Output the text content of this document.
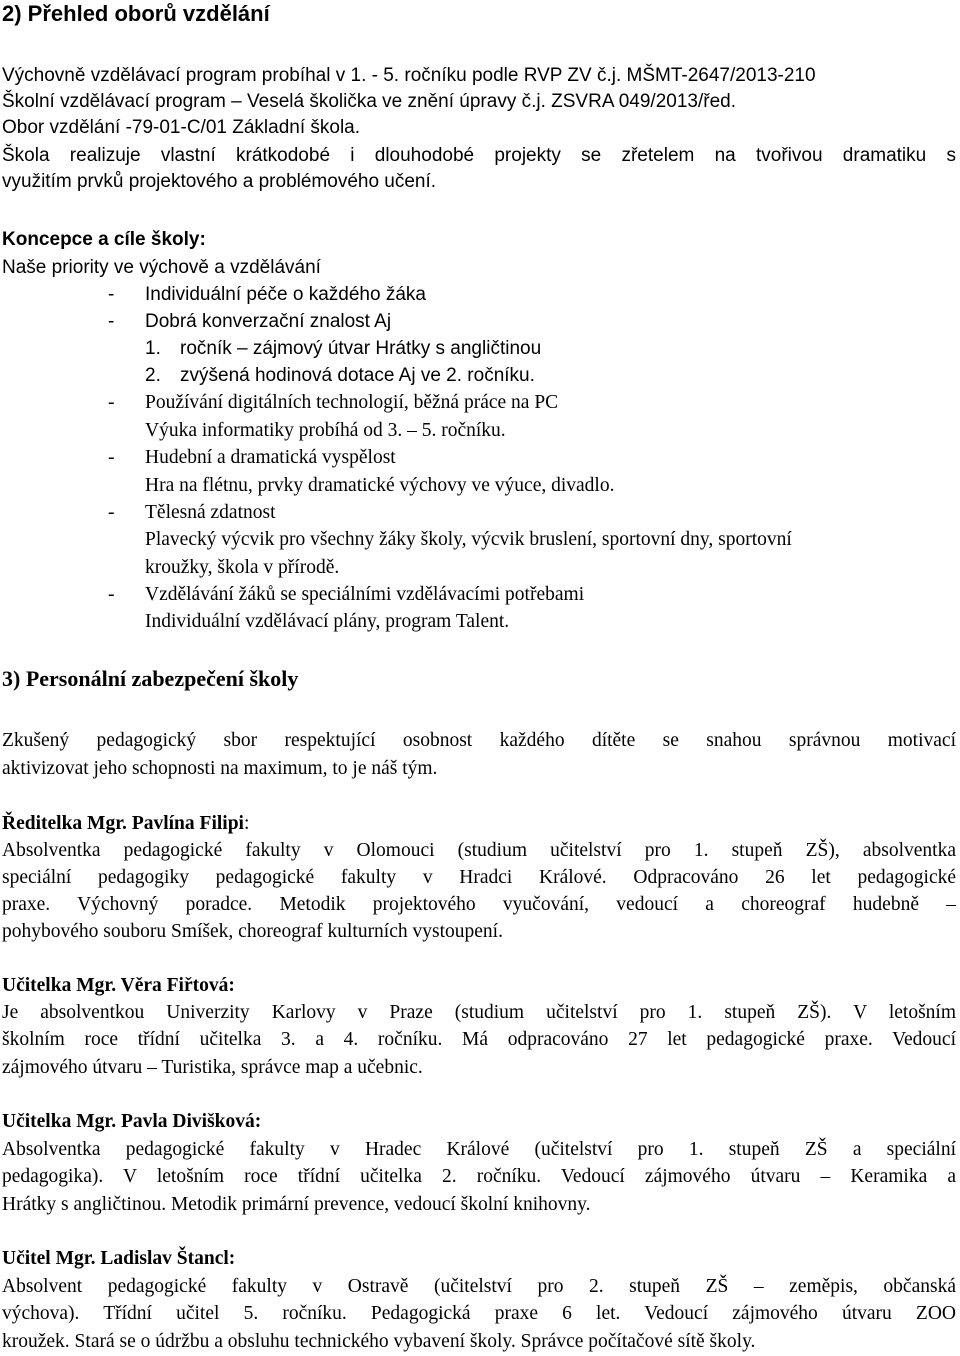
2) Přehled oborů vzdělání
Výchovně vzdělávací program probíhal v 1. - 5. ročníku podle RVP ZV č.j. MŠMT-2647/2013-210
Školní vzdělávací program – Veselá školička ve znění úpravy č.j. ZSVRA 049/2013/řed.
Obor vzdělání -79-01-C/01 Základní škola.
Škola realizuje vlastní krátkodobé i dlouhodobé projekty se zřetelem na tvořivou dramatiku s
využitím prvků projektového a problémového učení.
Koncepce a cíle školy:
Naše priority ve výchově a vzdělávání
- Individuální péče o každého žáka
- Dobrá konverzační znalost Aj
1. ročník – zájmový útvar Hrátky s angličtinou
2. zvýšená hodinová dotace Aj ve 2. ročníku.
- Používání digitálních technologií, běžná práce na PC
Výuka informatiky probíhá od 3. – 5. ročníku.
- Hudební a dramatická vyspělost
Hra na flétnu, prvky dramatické výchovy ve výuce, divadlo.
- Tělesná zdatnost
Plavecký výcvik pro všechny žáky školy, výcvik bruslení, sportovní dny, sportovní
kroužky, škola v přírodě.
- Vzdělávání žáků se speciálními vzdělávacími potřebami
Individuální vzdělávací plány, program Talent.
3) Personální zabezpečení školy
Zkušený pedagogický sbor respektující osobnost každého dítěte se snahou správnou motivací
aktivizovat jeho schopnosti na maximum, to je náš tým.
Ředitelka Mgr. Pavlína Filipi:
Absolventka pedagogické fakulty v Olomouci (studium učitelství pro 1. stupeň ZŠ), absolventka
speciální pedagogiky pedagogické fakulty v Hradci Králové. Odpracováno 26 let pedagogické
praxe. Výchovný poradce. Metodik projektového vyučování, vedoucí a choreograf hudebně –
pohybového souboru Smíšek, choreograf kulturních vystoupení.
Učitelka Mgr. Věra Fiřtová:
Je absolventkou Univerzity Karlovy v Praze (studium učitelství pro 1. stupeň ZŠ). V letošním
školním roce třídní učitelka 3. a 4. ročníku. Má odpracováno 27 let pedagogické praxe. Vedoucí
zájmového útvaru – Turistika, správce map a učebnic.
Učitelka Mgr. Pavla Divišková:
Absolventka pedagogické fakulty v Hradec Králové (učitelství pro 1. stupeň ZŠ a speciální
pedagogika). V letošním roce třídní učitelka 2. ročníku. Vedoucí zájmového útvaru – Keramika a
Hrátky s angličtinou. Metodik primární prevence, vedoucí školní knihovny.
Učitel Mgr. Ladislav Štancl:
Absolvent pedagogické fakulty v Ostravě (učitelství pro 2. stupeň ZŠ – zeměpis, občanská
výchova). Třídní učitel 5. ročníku. Pedagogická praxe 6 let. Vedoucí zájmového útvaru ZOO
kroužek. Stará se o údržbu a obsluhu technického vybavení školy. Správce počítačové sítě školy.
